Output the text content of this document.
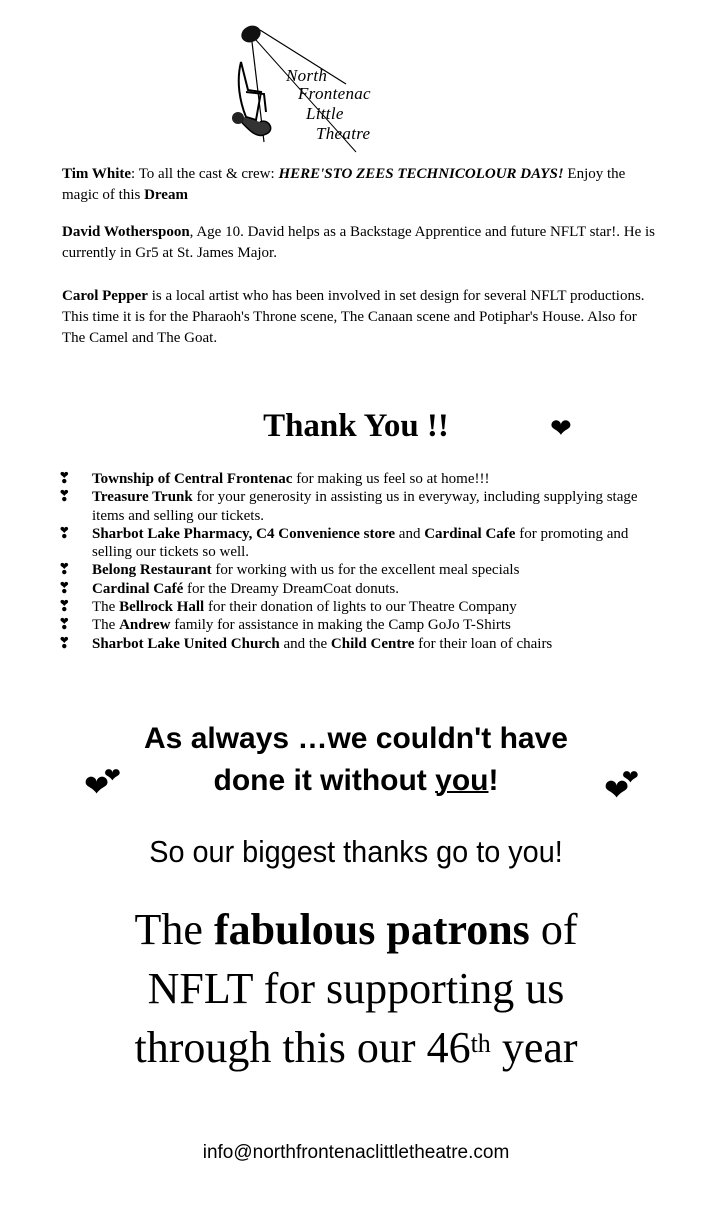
North
Frontenac
Little
Theatre
Tim White: To all the cast & crew: HERE'STO ZEES TECHNICOLOUR DAYS! Enjoy the magic of this Dream
David Wotherspoon, Age 10. David helps as a Backstage Apprentice and future NFLT star!. He is currently in Gr5 at St. James Major.
Carol Pepper is a local artist who has been involved in set design for several NFLT productions. This time it is for the Pharaoh's Throne scene, The Canaan scene and Potiphar's House. Also for The Camel and The Goat.
Thank You !!	❤
❣ Township of Central Frontenac for making us feel so at home!!!
❣ Treasure Trunk for your generosity in assisting us in everyway, including supplying stage items and selling our tickets.
❣ Sharbot Lake Pharmacy, C4 Convenience store and Cardinal Cafe for promoting and selling our tickets so well.
❣ Belong Restaurant for working with us for the excellent meal specials
❣ Cardinal Café for the Dreamy DreamCoat donuts.
❣ The Bellrock Hall for their donation of lights to our Theatre Company
❣ The Andrew family for assistance in making the Camp GoJo T-Shirts
❣ Sharbot Lake United Church and the Child Centre for their loan of chairs
As always …we couldn't have
done it without you!
❤
❤	❤
❤
So our biggest thanks go to you!
The fabulous patrons of
NFLT for supporting us
through this our 46th year
info@northfrontenaclittletheatre.com
